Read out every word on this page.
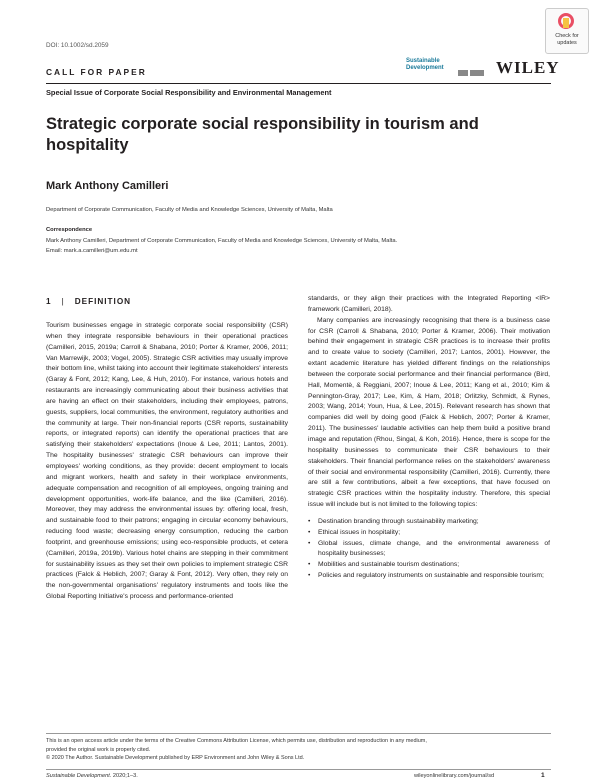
DOI: 10.1002/sd.2059
Check for updates
CALL FOR PAPER
Sustainable Development	WILEY
Special Issue of Corporate Social Responsibility and Environmental Management
Strategic corporate social responsibility in tourism and hospitality
Mark Anthony Camilleri
Department of Corporate Communication, Faculty of Media and Knowledge Sciences, University of Malta, Malta
Correspondence
Mark Anthony Camilleri, Department of Corporate Communication, Faculty of Media and Knowledge Sciences, University of Malta, Malta.
Email: mark.a.camilleri@um.edu.mt
1 | DEFINITION

Tourism businesses engage in strategic corporate social responsibility (CSR) when they integrate responsible behaviours in their operational practices (Camilleri, 2015, 2019a; Carroll & Shabana, 2010; Porter & Kramer, 2006, 2011; Van Marrewijk, 2003; Vogel, 2005). Strategic CSR activities may usually improve their bottom line, whilst taking into account their legitimate stakeholders' interests (Garay & Font, 2012; Kang, Lee, & Huh, 2010). For instance, various hotels and restaurants are increasingly communicating about their business activities that are having an effect on their stakeholders, including their employees, patrons, guests, suppliers, local communities, the environment, regulatory authorities and the community at large. Their non-financial reports (CSR reports, sustainability reports, or integrated reports) can identify the operational practices that are satisfying their stakeholders' expectations (Inoue & Lee, 2011; Lantos, 2001). The hospitality businesses' strategic CSR behaviours can improve their employees' working conditions, as they provide: decent employment to locals and migrant workers, health and safety in their workplace environments, adequate compensation and recognition of all employees, ongoing training and development opportunities, work-life balance, and the like (Camilleri, 2016). Moreover, they may address the environmental issues by: offering local, fresh, and sustainable food to their patrons; engaging in circular economy behaviours, reducing food waste; decreasing energy consumption, reducing the carbon footprint, and greenhouse emissions; using eco-responsible products, et cetera (Camilleri, 2019a, 2019b). Various hotel chains are stepping in their commitment for sustainability issues as they set their own policies to implement strategic CSR practices (Falck & Heblich, 2007; Garay & Font, 2012). Very often, they rely on the non-governmental organisations' regulatory instruments and tools like the Global Reporting Initiative's process and performance-oriented

standards, or they align their practices with the Integrated Reporting <IR> framework (Camilleri, 2018).

Many companies are increasingly recognising that there is a business case for CSR (Carroll & Shabana, 2010; Porter & Kramer, 2006). Their motivation behind their engagement in strategic CSR practices is to increase their profits and to create value to society (Camilleri, 2017; Lantos, 2001). However, the extant academic literature has yielded different findings on the relationships between the corporate social performance and their financial performance (Bird, Hall, Momentè, & Reggiani, 2007; Inoue & Lee, 2011; Kang et al., 2010; Kim & Pennington-Gray, 2017; Lee, Kim, & Ham, 2018; Orlitzky, Schmidt, & Rynes, 2003; Wang, 2014; Youn, Hua, & Lee, 2015). Relevant research has shown that companies did well by doing good (Falck & Heblich, 2007; Porter & Kramer, 2011). The businesses' laudable activities can help them build a positive brand image and reputation (Rhou, Singal, & Koh, 2016). Hence, there is scope for the hospitality businesses to communicate their CSR behaviours to their stakeholders. Their financial performance relies on the stakeholders' awareness of their social and environmental responsibility (Camilleri, 2016). Currently, there are still a few contributions, albeit a few exceptions, that have focused on strategic CSR practices within the hospitality industry. Therefore, this special issue will include but is not limited to the following topics:

• Destination branding through sustainability marketing;
• Ethical issues in hospitality;
• Global issues, climate change, and the environmental awareness of hospitality businesses;
• Mobilities and sustainable tourism destinations;
• Policies and regulatory instruments on sustainable and responsible tourism;
This is an open access article under the terms of the Creative Commons Attribution License, which permits use, distribution and reproduction in any medium,
provided the original work is properly cited.
© 2020 The Author. Sustainable Development published by ERP Environment and John Wiley & Sons Ltd.
Sustainable Development. 2020;1–3.	wileyonlinelibrary.com/journal/sd	1
